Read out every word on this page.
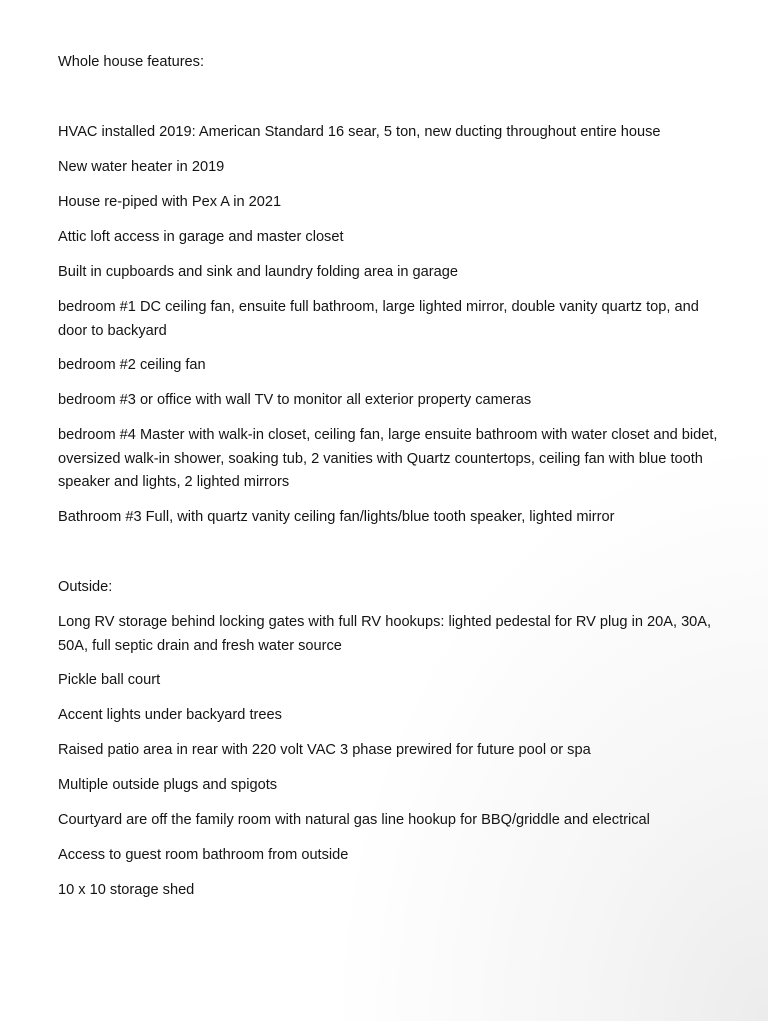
Whole house features:

HVAC installed 2019: American Standard 16 sear, 5 ton, new ducting throughout entire house

New water heater in 2019

House re-piped with Pex A in 2021

Attic loft access in garage and master closet

Built in cupboards and sink and laundry folding area in garage

bedroom #1 DC ceiling fan, ensuite full bathroom, large lighted mirror, double vanity quartz top, and door to backyard

bedroom #2 ceiling fan

bedroom #3 or office with wall TV to monitor all exterior property cameras

bedroom #4 Master with walk-in closet, ceiling fan, large ensuite bathroom with water closet and bidet, oversized walk-in shower, soaking tub, 2 vanities with Quartz countertops, ceiling fan with blue tooth speaker and lights, 2 lighted mirrors

Bathroom #3 Full, with quartz vanity ceiling fan/lights/blue tooth speaker, lighted mirror

Outside:

Long RV storage behind locking gates with full RV hookups: lighted pedestal for RV plug in 20A, 30A, 50A, full septic drain and fresh water source

Pickle ball court

Accent lights under backyard trees

Raised patio area in rear with 220 volt VAC 3 phase prewired for future pool or spa

Multiple outside plugs and spigots

Courtyard are off the family room with natural gas line hookup for BBQ/griddle and electrical

Access to guest room bathroom from outside

10 x 10 storage shed
